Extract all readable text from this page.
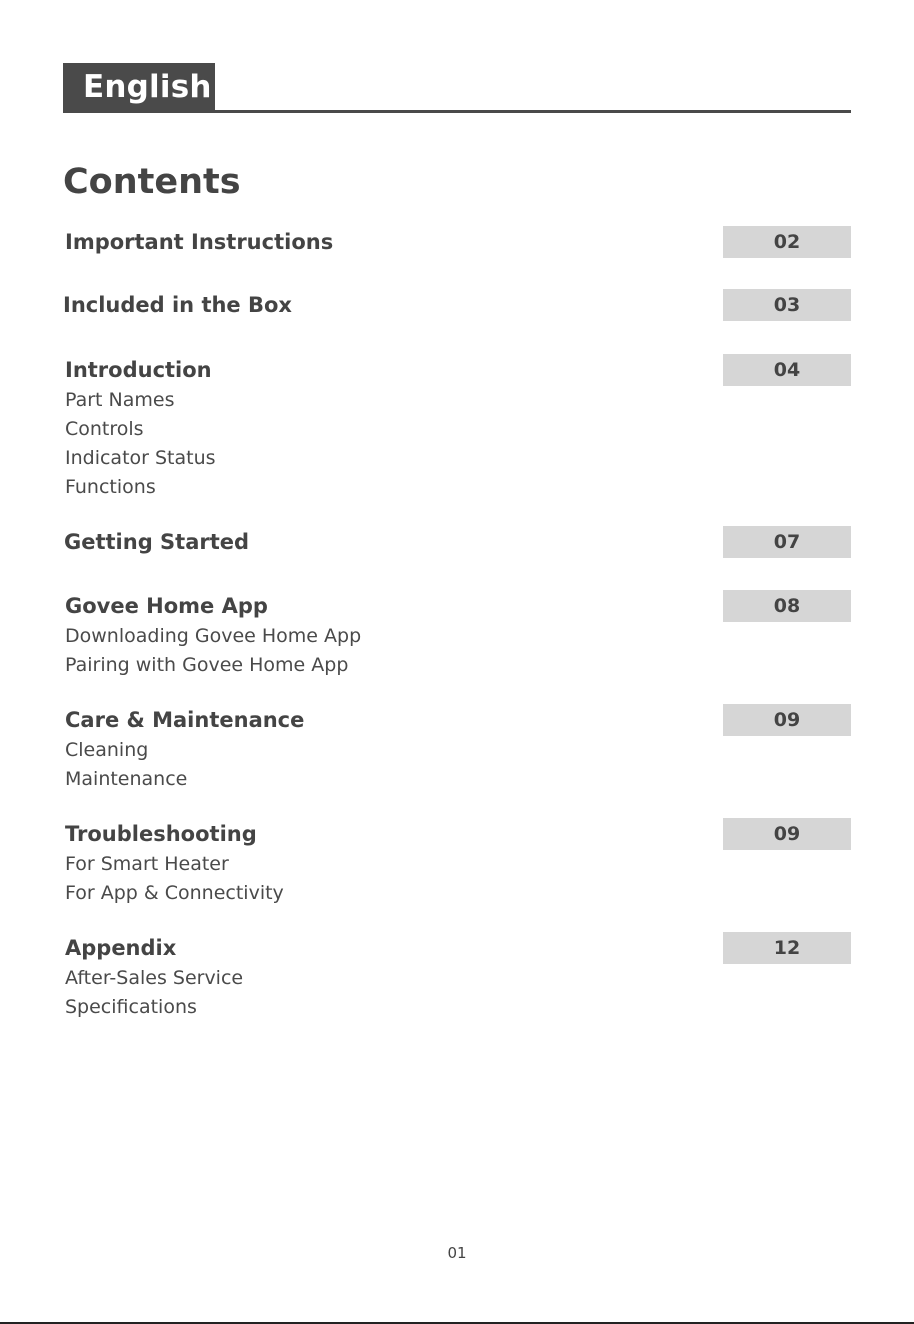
English
Contents
Important Instructions	02
Included in the Box	03
Introduction	04
Part Names
Controls
Indicator Status
Functions
Getting Started	07
Govee Home App	08
Downloading Govee Home App
Pairing with Govee Home App
Care & Maintenance	09
Cleaning
Maintenance
Troubleshooting	09
For Smart Heater
For App & Connectivity
Appendix	12
After-Sales Service
Specifications
01
